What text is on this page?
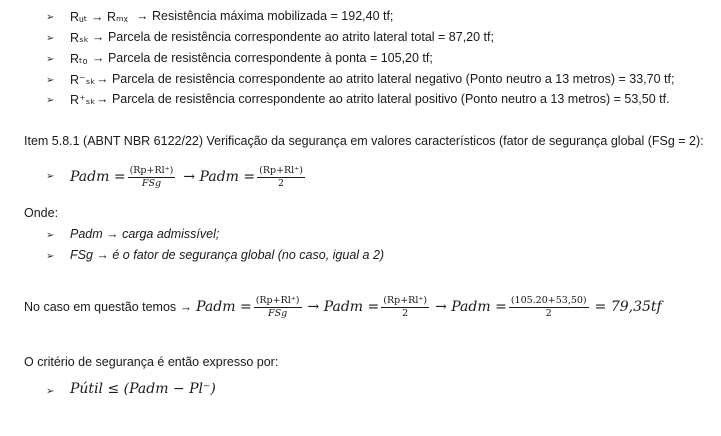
➢ Rᵤₜ → Rₘₓ → Resistência máxima mobilizada = 192,40 tf;
➢ Rₛₖ → Parcela de resistência correspondente ao atrito lateral total = 87,20 tf;
➢ Rₜₒ → Parcela de resistência correspondente à ponta = 105,20 tf;
➢ R⁻ₛₖ → Parcela de resistência correspondente ao atrito lateral negativo (Ponto neutro a 13 metros) = 33,70 tf;
➢ R⁺ₛₖ → Parcela de resistência correspondente ao atrito lateral positivo (Ponto neutro a 13 metros) = 53,50 tf.
Item 5.8.1 (ABNT NBR 6122/22) Verificação da segurança em valores característicos (fator de segurança global (FSg = 2):
➢ Padm = $\frac{(Rp+Rl^+)}{\text{FSg}}$ → Padm = $\frac{(Rp+Rl^+)}{2}$
Onde:
➢ Padm → carga admissível;
➢ FSg → é o fator de segurança global (no caso, igual a 2)
No caso em questão temos → Padm = $\frac{(Rp+Rl^+)}{\text{FSg}}$ → Padm = $\frac{(Rp+Rl^+)}{2}$ → Padm = $\frac{(105.20+53,50)}{2} = 79,35tf$
O critério de segurança é então expresso por:
➢ Pútil ≤ (Padm − Pl⁻)
